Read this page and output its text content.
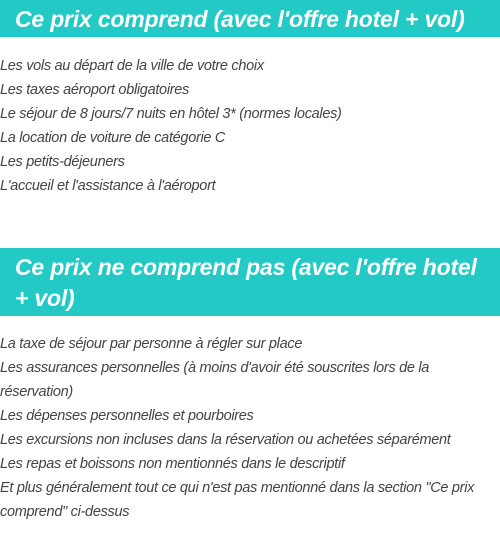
Ce prix comprend (avec l'offre hotel + vol)
Les vols au départ de la ville de votre choix
Les taxes aéroport obligatoires
Le séjour de 8 jours/7 nuits en hôtel 3* (normes locales)
La location de voiture de catégorie C
Les petits-déjeuners
L'accueil et l'assistance à l'aéroport
Ce prix ne comprend pas (avec l'offre hotel + vol)
La taxe de séjour par personne à régler sur place
Les assurances personnelles (à moins d'avoir été souscrites lors de la réservation)
Les dépenses personnelles et pourboires
Les excursions non incluses dans la réservation ou achetées séparément
Les repas et boissons non mentionnés dans le descriptif
Et plus généralement tout ce qui n'est pas mentionné dans la section "Ce prix comprend" ci-dessus
